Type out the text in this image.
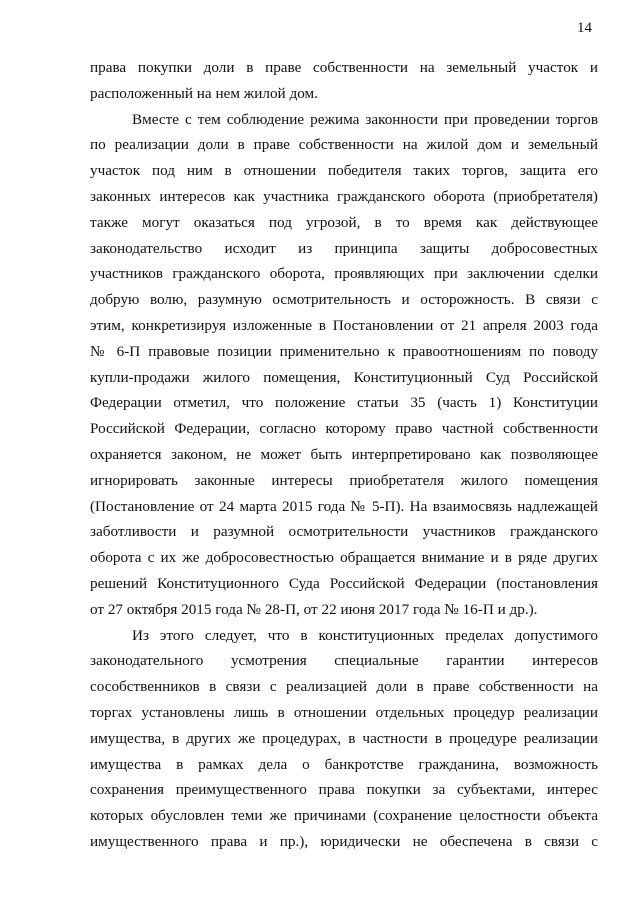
14

права покупки доли в праве собственности на земельный участок и
расположенный на нем жилой дом.

Вместе с тем соблюдение режима законности при проведении торгов
по реализации доли в праве собственности на жилой дом и земельный
участок под ним в отношении победителя таких торгов, защита его
законных интересов как участника гражданского оборота (приобретателя)
также могут оказаться под угрозой, в то время как действующее
законодательство исходит из принципа защиты добросовестных
участников гражданского оборота, проявляющих при заключении сделки
добрую волю, разумную осмотрительность и осторожность. В связи с
этим, конкретизируя изложенные в Постановлении от 21 апреля 2003 года
№ 6-П правовые позиции применительно к правоотношениям по поводу
купли-продажи жилого помещения, Конституционный Суд Российской
Федерации отметил, что положение статьи 35 (часть 1) Конституции
Российской Федерации, согласно которому право частной собственности
охраняется законом, не может быть интерпретировано как позволяющее
игнорировать законные интересы приобретателя жилого помещения
(Постановление от 24 марта 2015 года № 5-П). На взаимосвязь надлежащей
заботливости и разумной осмотрительности участников гражданского
оборота с их же добросовестностью обращается внимание и в ряде других
решений Конституционного Суда Российской Федерации (постановления
от 27 октября 2015 года № 28-П, от 22 июня 2017 года № 16-П и др.).

Из этого следует, что в конституционных пределах допустимого
законодательного усмотрения специальные гарантии интересов
сособственников в связи с реализацией доли в праве собственности на
торгах установлены лишь в отношении отдельных процедур реализации
имущества, в других же процедурах, в частности в процедуре реализации
имущества в рамках дела о банкротстве гражданина, возможность
сохранения преимущественного права покупки за субъектами, интерес
которых обусловлен теми же причинами (сохранение целостности объекта
имущественного права и пр.), юридически не обеспечена в связи с
